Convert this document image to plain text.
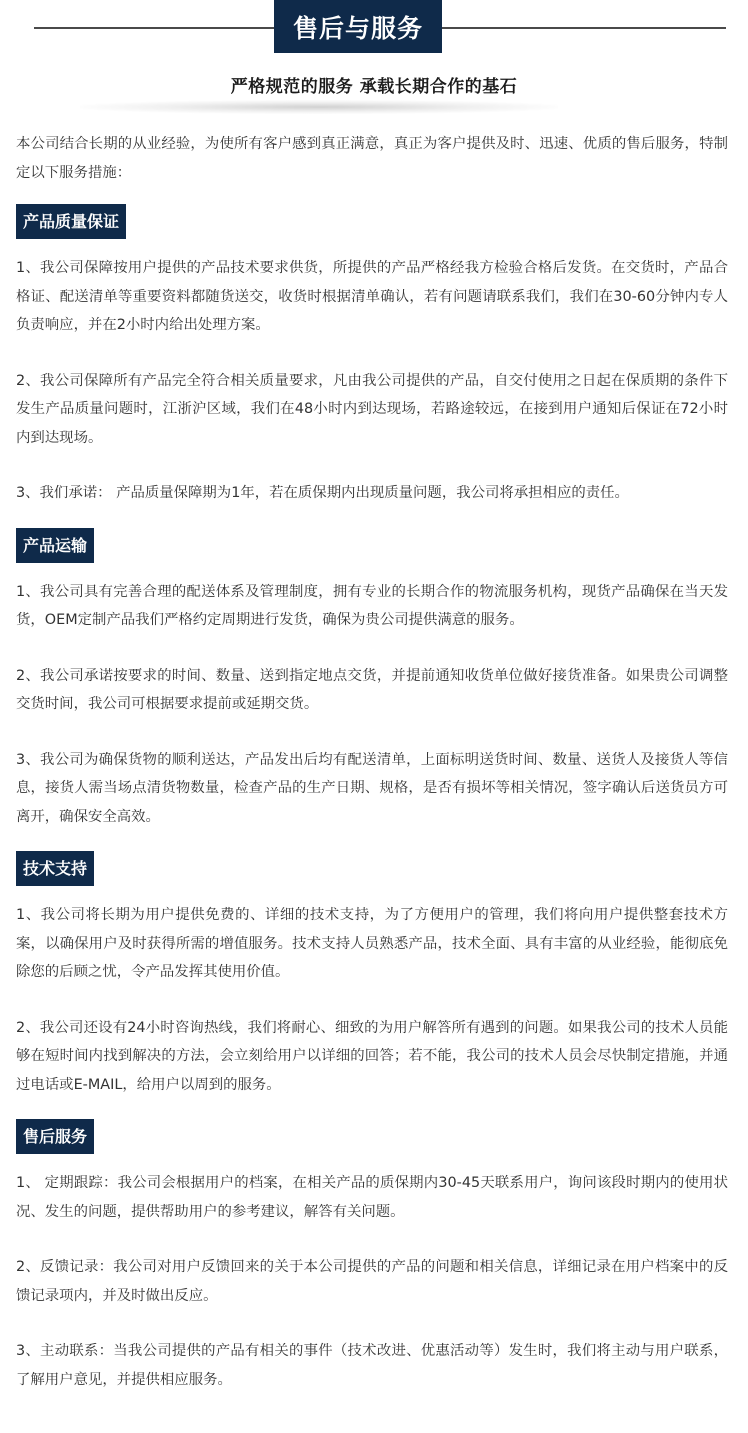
售后与服务
严格规范的服务 承载长期合作的基石

本公司结合长期的从业经验，为使所有客户感到真正满意，真正为客户提供及时、迅速、优质的售后服务，特制定以下服务措施：

产品质量保证

1、我公司保障按用户提供的产品技术要求供货，所提供的产品严格经我方检验合格后发货。在交货时，产品合格证、配送清单等重要资料都随货送交，收货时根据清单确认，若有问题请联系我们，我们在30-60分钟内专人负责响应，并在2小时内给出处理方案。

2、我公司保障所有产品完全符合相关质量要求，凡由我公司提供的产品，自交付使用之日起在保质期的条件下发生产品质量问题时，江浙沪区域，我们在48小时内到达现场，若路途较远，在接到用户通知后保证在72小时内到达现场。

3、我们承诺： 产品质量保障期为1年，若在质保期内出现质量问题，我公司将承担相应的责任。

产品运输

1、我公司具有完善合理的配送体系及管理制度，拥有专业的长期合作的物流服务机构，现货产品确保在当天发货，OEM定制产品我们严格约定周期进行发货，确保为贵公司提供满意的服务。

2、我公司承诺按要求的时间、数量、送到指定地点交货，并提前通知收货单位做好接货准备。如果贵公司调整交货时间，我公司可根据要求提前或延期交货。

3、我公司为确保货物的顺利送达，产品发出后均有配送清单，上面标明送货时间、数量、送货人及接货人等信息，接货人需当场点清货物数量，检查产品的生产日期、规格，是否有损坏等相关情况，签字确认后送货员方可离开，确保安全高效。

技术支持

1、我公司将长期为用户提供免费的、详细的技术支持，为了方便用户的管理，我们将向用户提供整套技术方案，以确保用户及时获得所需的增值服务。技术支持人员熟悉产品，技术全面、具有丰富的从业经验，能彻底免除您的后顾之忧，令产品发挥其使用价值。

2、我公司还设有24小时咨询热线，我们将耐心、细致的为用户解答所有遇到的问题。如果我公司的技术人员能够在短时间内找到解决的方法，会立刻给用户以详细的回答；若不能，我公司的技术人员会尽快制定措施，并通过电话或E-MAIL，给用户以周到的服务。

售后服务

1、 定期跟踪：我公司会根据用户的档案，在相关产品的质保期内30-45天联系用户，询问该段时期内的使用状况、发生的问题，提供帮助用户的参考建议，解答有关问题。

2、反馈记录：我公司对用户反馈回来的关于本公司提供的产品的问题和相关信息，详细记录在用户档案中的反馈记录项内，并及时做出反应。

3、主动联系：当我公司提供的产品有相关的事件（技术改进、优惠活动等）发生时，我们将主动与用户联系，了解用户意见，并提供相应服务。
